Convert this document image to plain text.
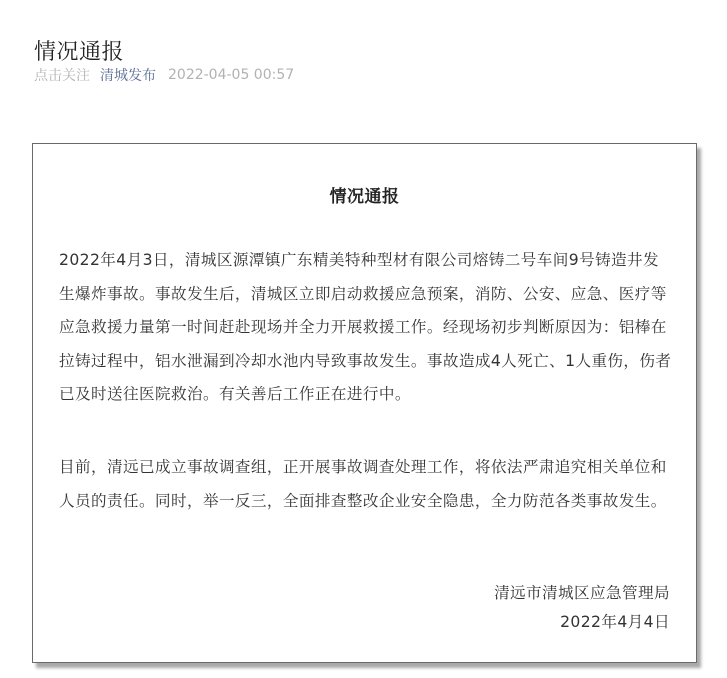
情况通报
点击关注 清城发布 2022-04-05 00:57
情况通报
2022年4月3日，清城区源潭镇广东精美特种型材有限公司熔铸二号车间9号铸造井发生爆炸事故。事故发生后，清城区立即启动救援应急预案，消防、公安、应急、医疗等应急救援力量第一时间赶赴现场并全力开展救援工作。经现场初步判断原因为：铝棒在拉铸过程中，铝水泄漏到冷却水池内导致事故发生。事故造成4人死亡、1人重伤，伤者已及时送往医院救治。有关善后工作正在进行中。
目前，清远已成立事故调查组，正开展事故调查处理工作，将依法严肃追究相关单位和人员的责任。同时，举一反三，全面排查整改企业安全隐患，全力防范各类事故发生。
清远市清城区应急管理局
2022年4月4日
